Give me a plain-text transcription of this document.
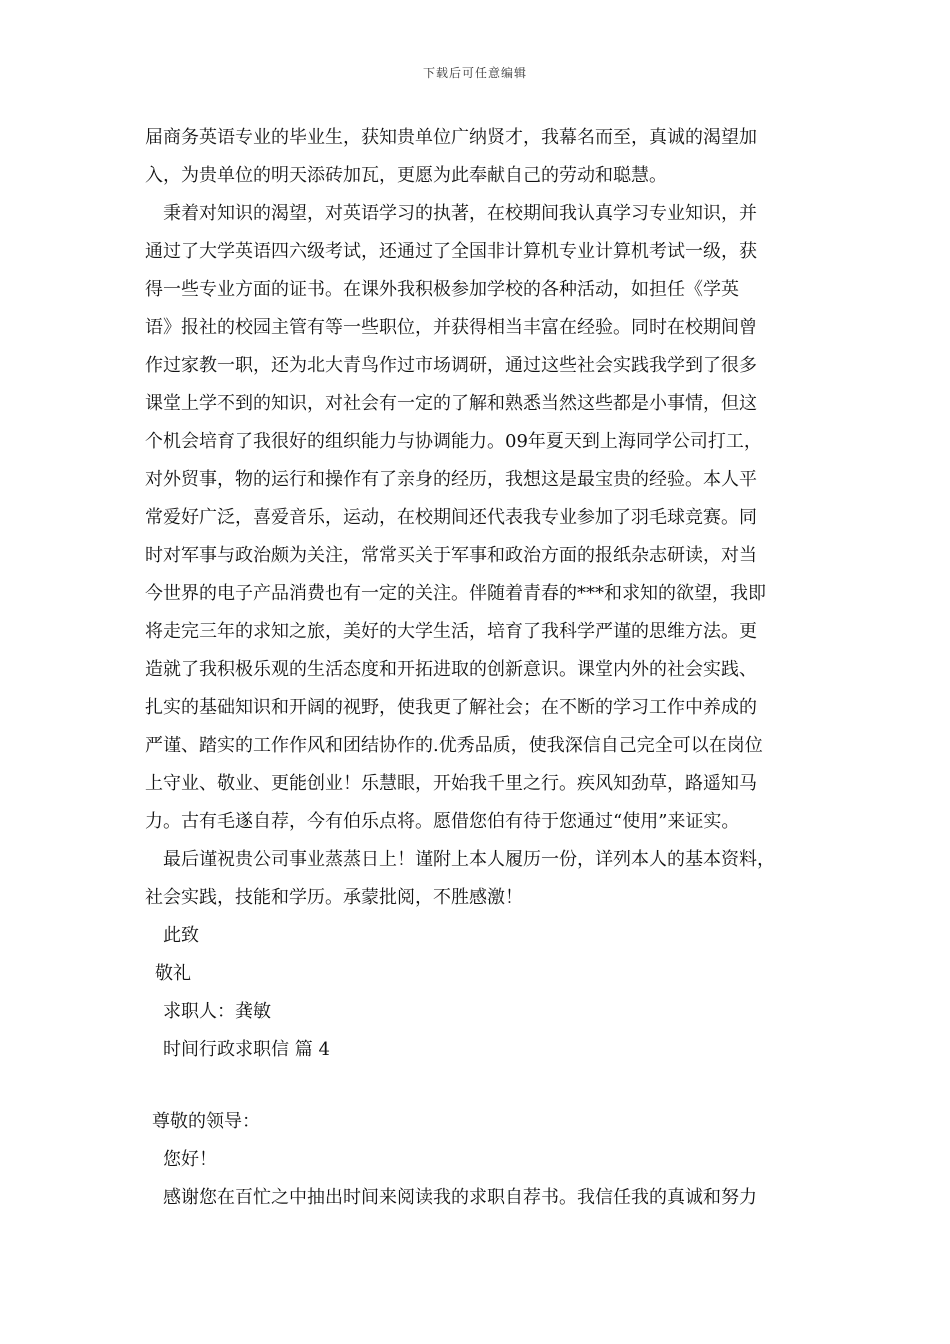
下载后可任意编辑
届商务英语专业的毕业生，获知贵单位广纳贤才，我幕名而至，真诚的渴望加
入，为贵单位的明天添砖加瓦，更愿为此奉献自己的劳动和聪慧。
秉着对知识的渴望，对英语学习的执著，在校期间我认真学习专业知识，并
通过了大学英语四六级考试，还通过了全国非计算机专业计算机考试一级，获
得一些专业方面的证书。在课外我积极参加学校的各种活动，如担任《学英
语》报社的校园主管有等一些职位，并获得相当丰富在经验。同时在校期间曾
作过家教一职，还为北大青鸟作过市场调研，通过这些社会实践我学到了很多
课堂上学不到的知识，对社会有一定的了解和熟悉当然这些都是小事情，但这
个机会培育了我很好的组织能力与协调能力。09年夏天到上海同学公司打工，
对外贸事，物的运行和操作有了亲身的经历，我想这是最宝贵的经验。本人平
常爱好广泛，喜爱音乐，运动，在校期间还代表我专业参加了羽毛球竞赛。同
时对军事与政治颇为关注，常常买关于军事和政治方面的报纸杂志研读，对当
今世界的电子产品消费也有一定的关注。伴随着青春的***和求知的欲望，我即
将走完三年的求知之旅，美好的大学生活，培育了我科学严谨的思维方法。更
造就了我积极乐观的生活态度和开拓进取的创新意识。课堂内外的社会实践、
扎实的基础知识和开阔的视野，使我更了解社会；在不断的学习工作中养成的
严谨、踏实的工作作风和团结协作的.优秀品质，使我深信自己完全可以在岗位
上守业、敬业、更能创业！乐慧眼，开始我千里之行。疾风知劲草，路遥知马
力。古有毛遂自荐，今有伯乐点将。愿借您伯有待于您通过“使用”来证实。
最后谨祝贵公司事业蒸蒸日上！谨附上本人履历一份，详列本人的基本资料，
社会实践，技能和学历。承蒙批阅，不胜感激！
此致
敬礼
求职人：龚敏
时间行政求职信 篇 4
尊敬的领导：
您好！
感谢您在百忙之中抽出时间来阅读我的求职自荐书。我信任我的真诚和努力
